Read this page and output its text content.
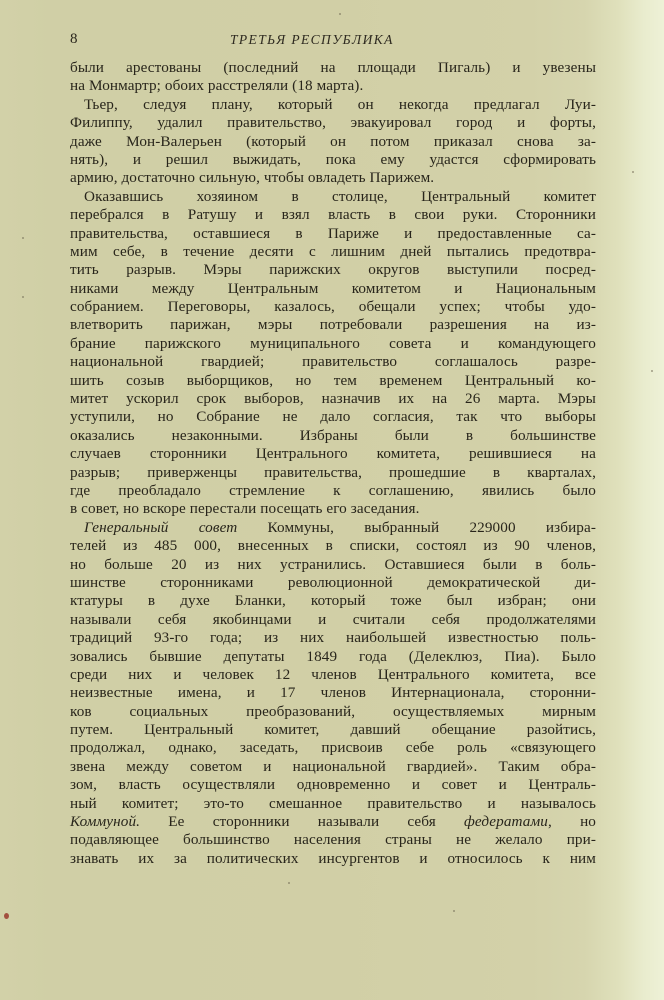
8	ТРЕТЬЯ РЕСПУБЛИКА
были арестованы (последний на площади Пигаль) и увезены
на Монмартр; обоих расстреляли (18 марта).
Тьер, следуя плану, который он некогда предлагал Луи-
Филиппу, удалил правительство, эвакуировал город и форты,
даже Мон-Валерьен (который он потом приказал снова за-
нять), и решил выжидать, пока ему удастся сформировать
армию, достаточно сильную, чтобы овладеть Парижем.
Оказавшись хозяином в столице, Центральный комитет
перебрался в Ратушу и взял власть в свои руки. Сторонники
правительства, оставшиеся в Париже и предоставленные са-
мим себе, в течение десяти с лишним дней пытались предотвра-
тить разрыв. Мэры парижских округов выступили посред-
никами между Центральным комитетом и Национальным
собранием. Переговоры, казалось, обещали успех; чтобы удо-
влетворить парижан, мэры потребовали разрешения на из-
брание парижского муниципального совета и командующего
национальной гвардией; правительство соглашалось разре-
шить созыв выборщиков, но тем временем Центральный ко-
митет ускорил срок выборов, назначив их на 26 марта. Мэры
уступили, но Собрание не дало согласия, так что выборы
оказались незаконными. Избраны были в большинстве
случаев сторонники Центрального комитета, решившиеся на
разрыв; приверженцы правительства, прошедшие в кварталах,
где преобладало стремление к соглашению, явились было
в совет, но вскоре перестали посещать его заседания.
Генеральный совет Коммуны, выбранный 229000 избира-
телей из 485 000, внесенных в списки, состоял из 90 членов,
но больше 20 из них устранились. Оставшиеся были в боль-
шинстве сторонниками революционной демократической ди-
ктатуры в духе Бланки, который тоже был избран; они
называли себя якобинцами и считали себя продолжателями
традиций 93-го года; из них наибольшей известностью поль-
зовались бывшие депутаты 1849 года (Делеклюз, Пиа). Было
среди них и человек 12 членов Центрального комитета, все
неизвестные имена, и 17 членов Интернационала, сторонни-
ков социальных преобразований, осуществляемых мирным
путем. Центральный комитет, давший обещание разойтись,
продолжал, однако, заседать, присвоив себе роль «связующего
звена между советом и национальной гвардией». Таким обра-
зом, власть осуществляли одновременно и совет и Централь-
ный комитет; это-то смешанное правительство и называлось
Коммуной. Ее сторонники называли себя федератами, но
подавляющее большинство населения страны не желало при-
знавать их за политических инсургентов и относилось к ним
